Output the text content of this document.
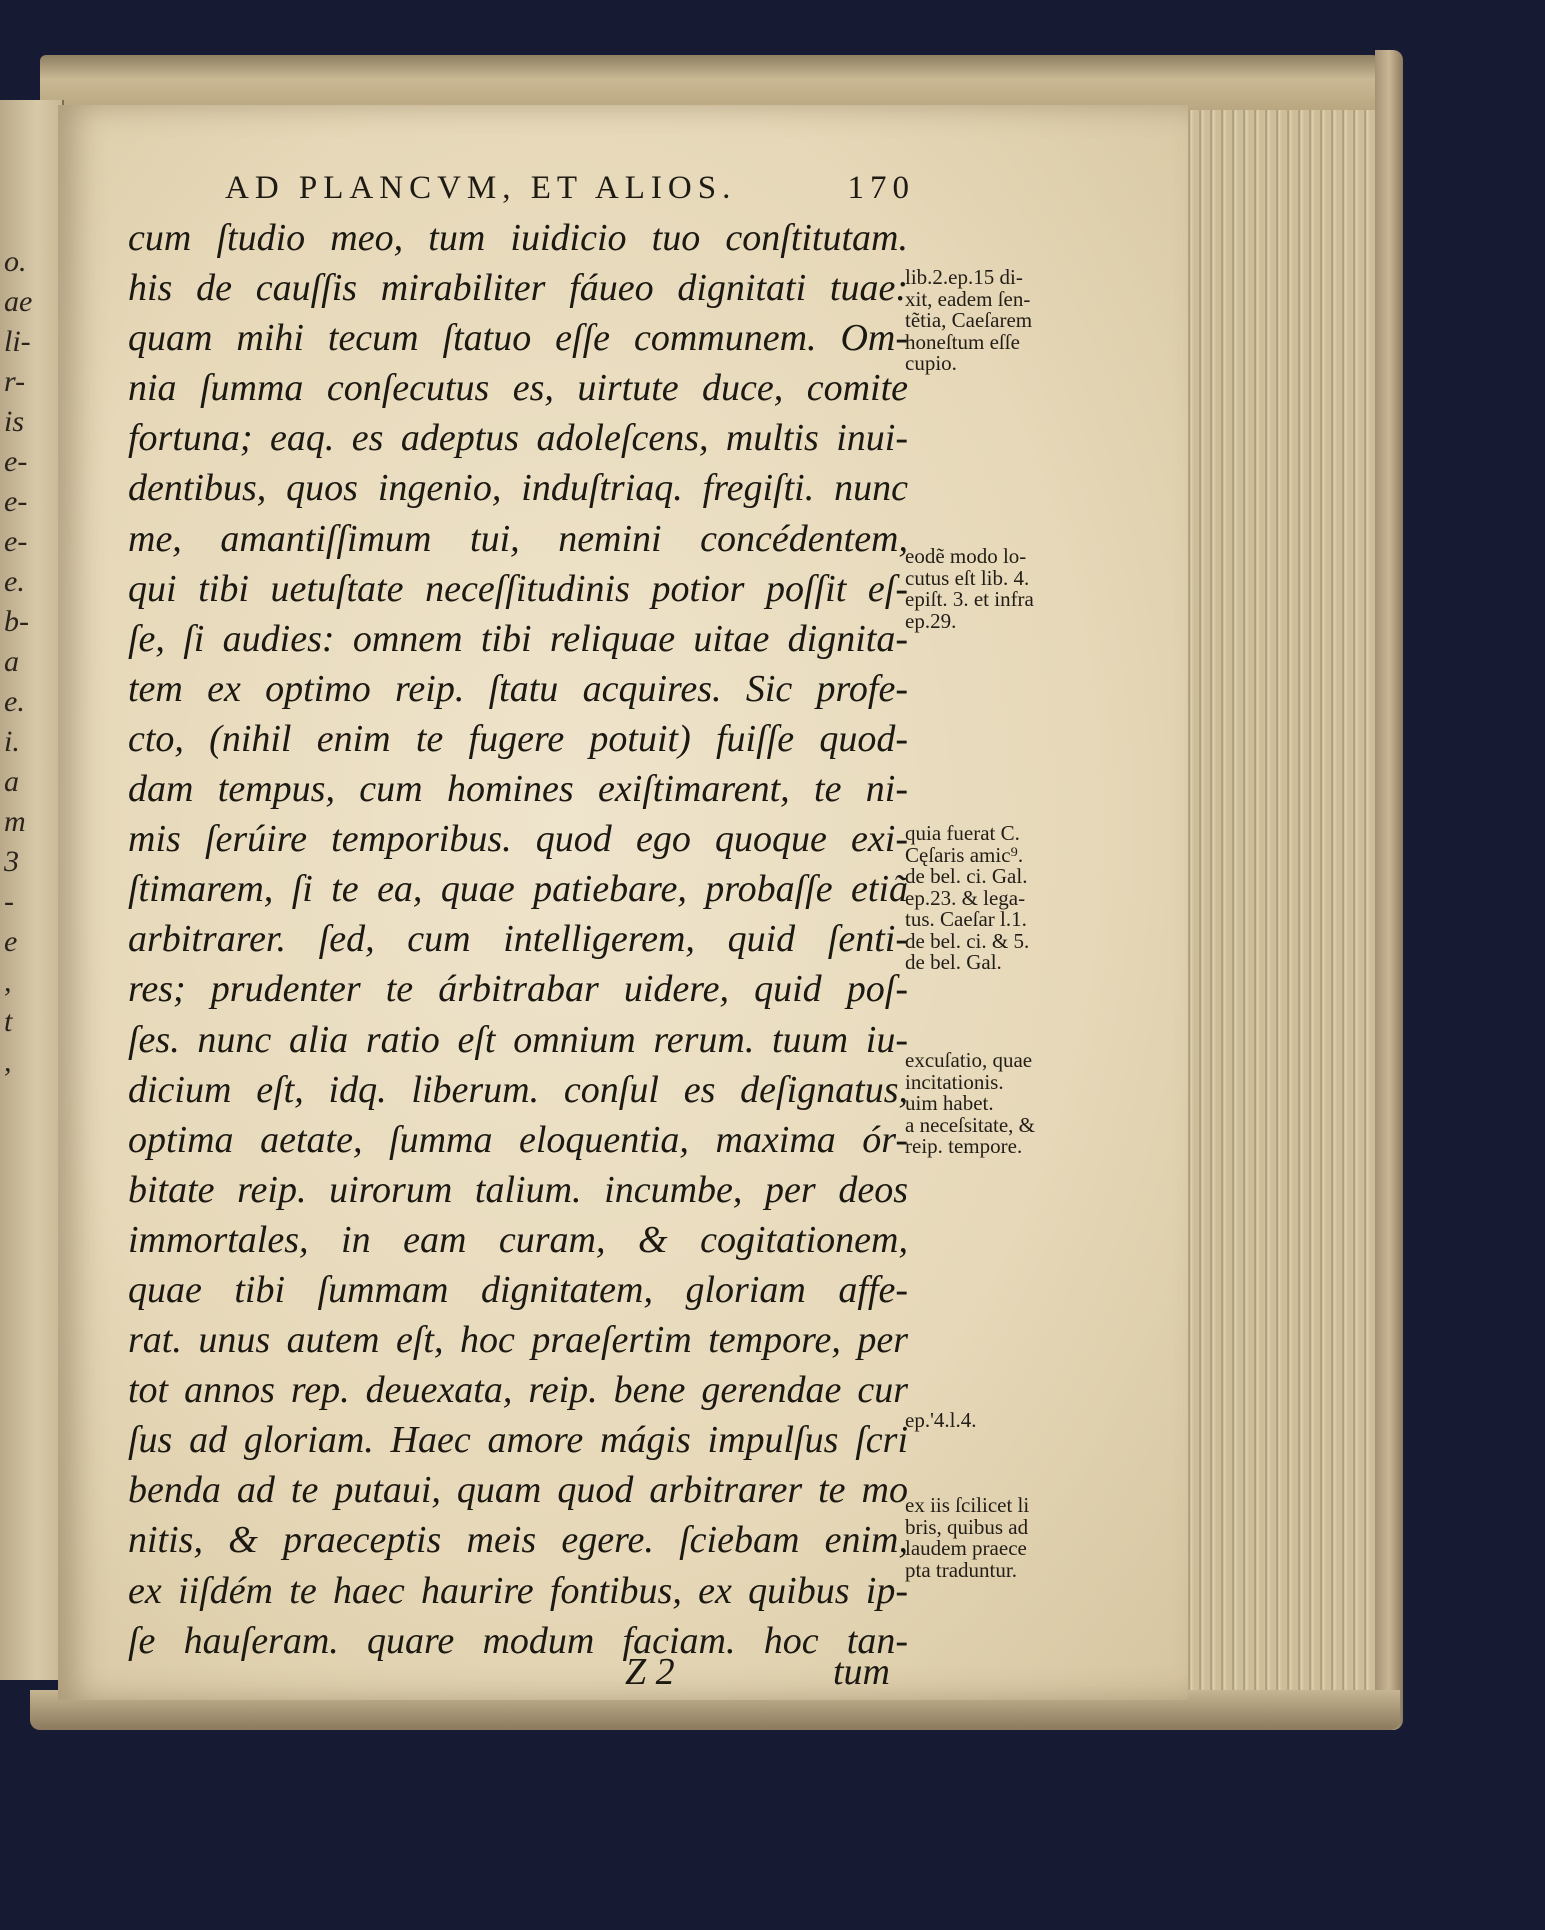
o.
ae
li-
r-
is
e-
e-
e-
e.
b-
a
e.
i.
a
m
3
-
e
,
t
,
AD PLANCVM, ET ALIOS.	170
cum ſtudio meo, tum iuidicio tuo conſtitutam.
his de cauſſis mirabiliter fáueo dignitati tuae:
quam mihi tecum ſtatuo eſſe communem. Om-
nia ſumma conſecutus es, uirtute duce, comite
fortuna; eaq. es adeptus adoleſcens, multis inui-
dentibus, quos ingenio, induſtriaq. fregiſti. nunc
me, amantiſſimum tui, nemini concédentem,
qui tibi uetuſtate neceſſitudinis potior poſſit eſ-
ſe, ſi audies: omnem tibi reliquae uitae dignita-
tem ex optimo reip. ſtatu acquires. Sic profe-
cto, (nihil enim te fugere potuit) fuiſſe quod-
dam tempus, cum homines exiſtimarent, te ni-
mis ſerúire temporibus. quod ego quoque exi-
ſtimarem, ſi te ea, quae patiebare, probaſſe etiã
arbitrarer. ſed, cum intelligerem, quid ſenti-
res; prudenter te árbitrabar uidere, quid poſ-
ſes. nunc alia ratio eſt omnium rerum. tuum iu-
dicium eſt, idq. liberum. conſul es deſignatus,
optima aetate, ſumma eloquentia, maxima ór-
bitate reip. uirorum talium. incumbe, per deos
immortales, in eam curam, & cogitationem,
quae tibi ſummam dignitatem, gloriam affe-
rat. unus autem eſt, hoc praeſertim tempore, per
tot annos rep. deuexata, reip. bene gerendae cur
ſus ad gloriam. Haec amore mágis impulſus ſcri
benda ad te putaui, quam quod arbitrarer te mo
nitis, & praeceptis meis egere. ſciebam enim,
ex iiſdém te haec haurire fontibus, ex quibus ip-
ſe hauſeram. quare modum faciam. hoc tan-
Z 2	tum
lib.2.ep.15 di-
xit, eadem ſen-
tẽtia, Caeſarem
honeſtum eſſe
cupio.
eodẽ modo lo-
cutus eſt lib. 4.
epiſt. 3. et infra
ep.29.
quia fuerat C.
Cęſaris amic⁹.
de bel. ci. Gal.
ep.23. & lega-
tus. Caeſar l.1.
de bel. ci. & 5.
de bel. Gal.
excuſatio, quae
incitationis.
uim habet.
a neceſsitate, &
reip. tempore.
ep.'4.l.4.
ex iis ſcilicet li
bris, quibus ad
laudem praece
pta traduntur.
